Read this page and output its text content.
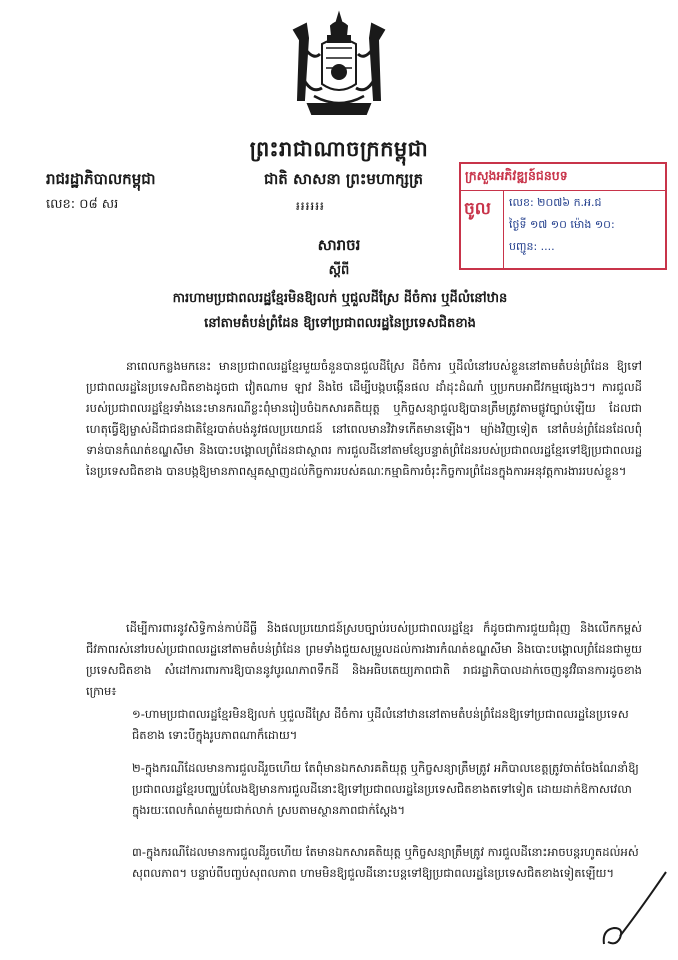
ព្រះរាជាណាចក្រកម្ពុជា
ជាតិ សាសនា ព្រះមហាក្សត្រ
៛៛៛៛៛៛
រាជរដ្ឋាភិបាលកម្ពុជា
លេខ: ០៨ សរ
ក្រសួងអភិវឌ្ឍន៍ជនបទ
ចូល លេខ: ២០៧៦ ក.អ.ជ
ថ្ងៃទី ១៧ ១០ ម៉ោង ១០:
បញ្ជូន: ....
សារាចរ
ស្ដីពី
ការហាមប្រជាពលរដ្ឋខ្មែរមិនឱ្យលក់ ឬជួលដីស្រែ ដីចំការ ឬដីលំនៅឋាន
នៅតាមតំបន់ព្រំដែន ឱ្យទៅប្រជាពលរដ្ឋនៃប្រទេសជិតខាង
នាពេលកន្លងមកនេះ មានប្រជាពលរដ្ឋខ្មែរមួយចំនួនបានជួលដីស្រែ ដីចំការ ឬដីលំនៅរបស់ខ្លួននៅតាមតំបន់ព្រំដែន ឱ្យទៅប្រជាពលរដ្ឋនៃប្រទេសជិតខាងដូចជា វៀតណាម ឡាវ និងថៃ ដើម្បីបង្កបង្កើនផល ដាំដុះដំណាំ ឬប្រកបអាជីវកម្មផ្សេងៗ។ ការជួលដីរបស់ប្រជាពលរដ្ឋខ្មែរទាំងនេះមានករណីខ្លះពុំមានរៀបចំឯកសារគតិយុត្ត ឬកិច្ចសន្យាជួលឱ្យបានត្រឹមត្រូវតាមផ្លូវច្បាប់ឡើយ ដែលជាហេតុធ្វើឱ្យម្ចាស់ដីជាជនជាតិខ្មែរបាត់បង់នូវផលប្រយោជន៍ នៅពេលមានវិវាទកើតមានឡើង។ ម្យ៉ាងវិញទៀត នៅតំបន់ព្រំដែនដែលពុំទាន់បានកំណត់ខណ្ឌសីមា និងបោះបង្គោលព្រំដែនជាស្ថាពរ ការជួលដីនៅតាមខ្សែបន្ទាត់ព្រំដែនរបស់ប្រជាពលរដ្ឋខ្មែរទៅឱ្យប្រជាពលរដ្ឋនៃប្រទេសជិតខាង បានបង្កឱ្យមានភាពស្មុគស្មាញដល់កិច្ចការរបស់គណៈកម្មាធិការចំរុះកិច្ចការព្រំដែនក្នុងការអនុវត្តការងាររបស់ខ្លួន។
ដើម្បីការពារនូវសិទ្ធិកាន់កាប់ដីធ្លី និងផលប្រយោជន៍ស្របច្បាប់របស់ប្រជាពលរដ្ឋខ្មែរ ក៏ដូចជាការជួយជំរុញ និងលើកកម្ពស់ជីវភាពរស់នៅរបស់ប្រជាពលរដ្ឋនៅតាមតំបន់ព្រំដែន ព្រមទាំងជួយសម្រួលដល់ការងារកំណត់ខណ្ឌសីមា និងបោះបង្គោលព្រំដែនជាមួយប្រទេសជិតខាង សំដៅការពារការឱ្យបាននូវបូរណភាពទឹកដី និងអធិបតេយ្យភាពជាតិ រាជរដ្ឋាភិបាលដាក់ចេញនូវវិធានការដូចខាងក្រោម៖
១-ហាមប្រជាពលរដ្ឋខ្មែរមិនឱ្យលក់ ឬជួលដីស្រែ ដីចំការ ឬដីលំនៅឋាននៅតាមតំបន់ព្រំដែនឱ្យទៅប្រជាពលរដ្ឋនៃប្រទេសជិតខាង ទោះបីក្នុងរូបភាពណាក៏ដោយ។
២-ក្នុងករណីដែលមានការជួលដីរួចហើយ តែពុំមានឯកសារគតិយុត្ត ឬកិច្ចសន្យាត្រឹមត្រូវ អភិបាលខេត្តត្រូវចាត់ចែងណែនាំឱ្យប្រជាពលរដ្ឋខ្មែរបញ្ឈប់លែងឱ្យមានការជួលដីនោះឱ្យទៅប្រជាពលរដ្ឋនៃប្រទេសជិតខាងតទៅទៀត ដោយដាក់ឱកាសវេលាក្នុងរយៈពេលកំណត់មួយជាក់លាក់ ស្របតាមស្ថានភាពជាក់ស្តែង។
៣-ក្នុងករណីដែលមានការជួលដីរួចហើយ តែមានឯកសារគតិយុត្ត ឬកិច្ចសន្យាត្រឹមត្រូវ ការជួលដីនោះអាចបន្តរហូតដល់អស់សុពលភាព។ បន្ទាប់ពីបញ្ចប់សុពលភាព ហាមមិនឱ្យជួលដីនោះបន្តទៅឱ្យប្រជាពលរដ្ឋនៃប្រទេសជិតខាងទៀតឡើយ។
